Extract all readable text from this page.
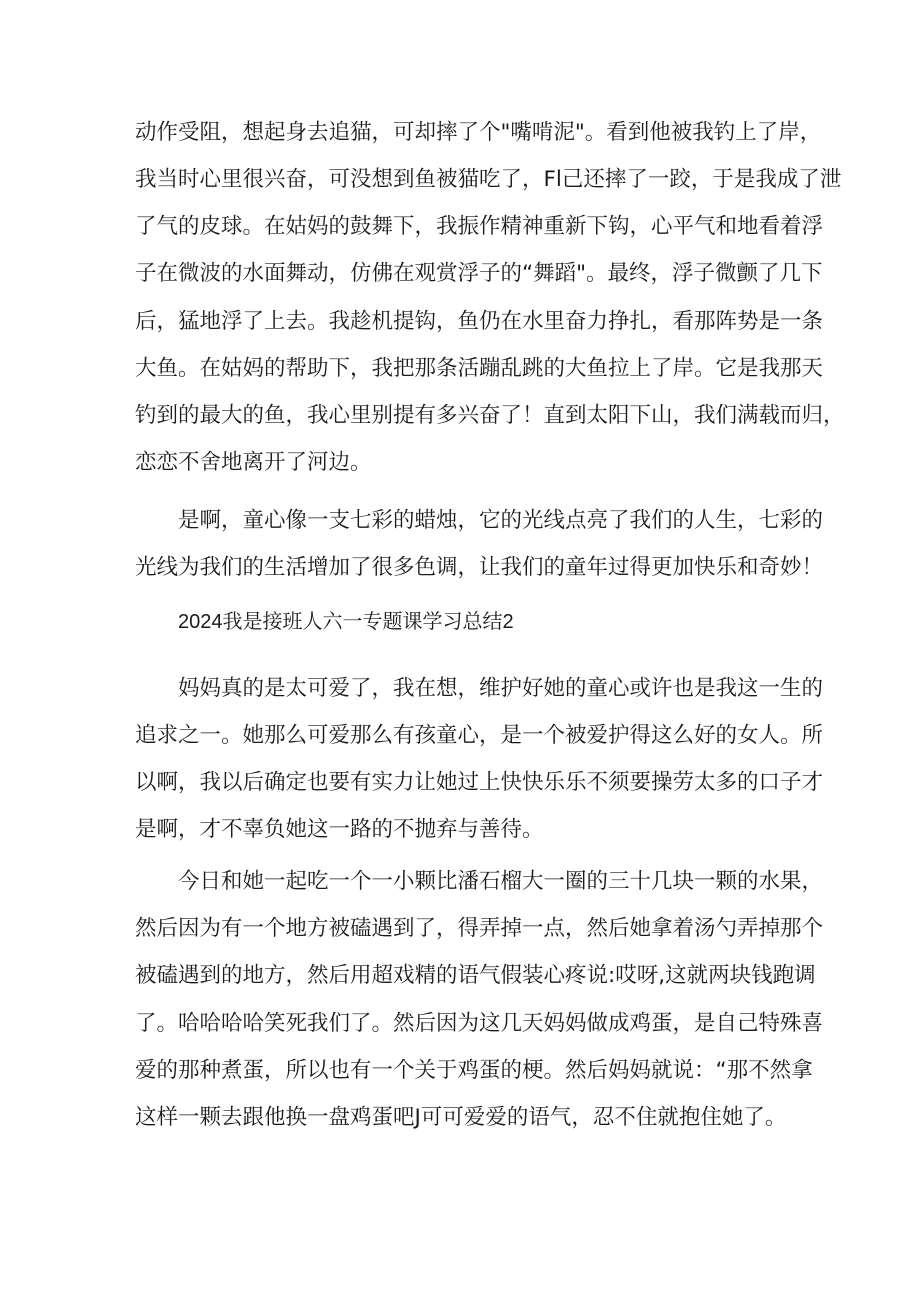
动作受阻，想起身去追猫，可却摔了个"嘴啃泥"。看到他被我钓上了岸，
我当时心里很兴奋，可没想到鱼被猫吃了，Fl己还摔了一跤，于是我成了泄
了气的皮球。在姑妈的鼓舞下，我振作精神重新下钩，心平气和地看着浮
子在微波的水面舞动，仿佛在观赏浮子的“舞蹈"。最终，浮子微颤了几下
后，猛地浮了上去。我趁机提钩，鱼仍在水里奋力挣扎，看那阵势是一条
大鱼。在姑妈的帮助下，我把那条活蹦乱跳的大鱼拉上了岸。它是我那天
钓到的最大的鱼，我心里别提有多兴奋了！直到太阳下山，我们满载而归，
恋恋不舍地离开了河边。
是啊，童心像一支七彩的蜡烛，它的光线点亮了我们的人生，七彩的
光线为我们的生活增加了很多色调，让我们的童年过得更加快乐和奇妙！
2024我是接班人六一专题课学习总结2
妈妈真的是太可爱了，我在想，维护好她的童心或许也是我这一生的
追求之一。她那么可爱那么有孩童心，是一个被爱护得这么好的女人。所
以啊，我以后确定也要有实力让她过上快快乐乐不须要操劳太多的口子才
是啊，才不辜负她这一路的不抛弃与善待。
今日和她一起吃一个一小颗比潘石榴大一圈的三十几块一颗的水果，
然后因为有一个地方被磕遇到了，得弄掉一点，然后她拿着汤勺弄掉那个
被磕遇到的地方，然后用超戏精的语气假装心疼说:哎呀,这就两块钱跑调
了。哈哈哈哈笑死我们了。然后因为这几天妈妈做成鸡蛋，是自己特殊喜
爱的那种煮蛋，所以也有一个关于鸡蛋的梗。然后妈妈就说：“那不然拿
这样一颗去跟他换一盘鸡蛋吧J可可爱爱的语气，忍不住就抱住她了。
